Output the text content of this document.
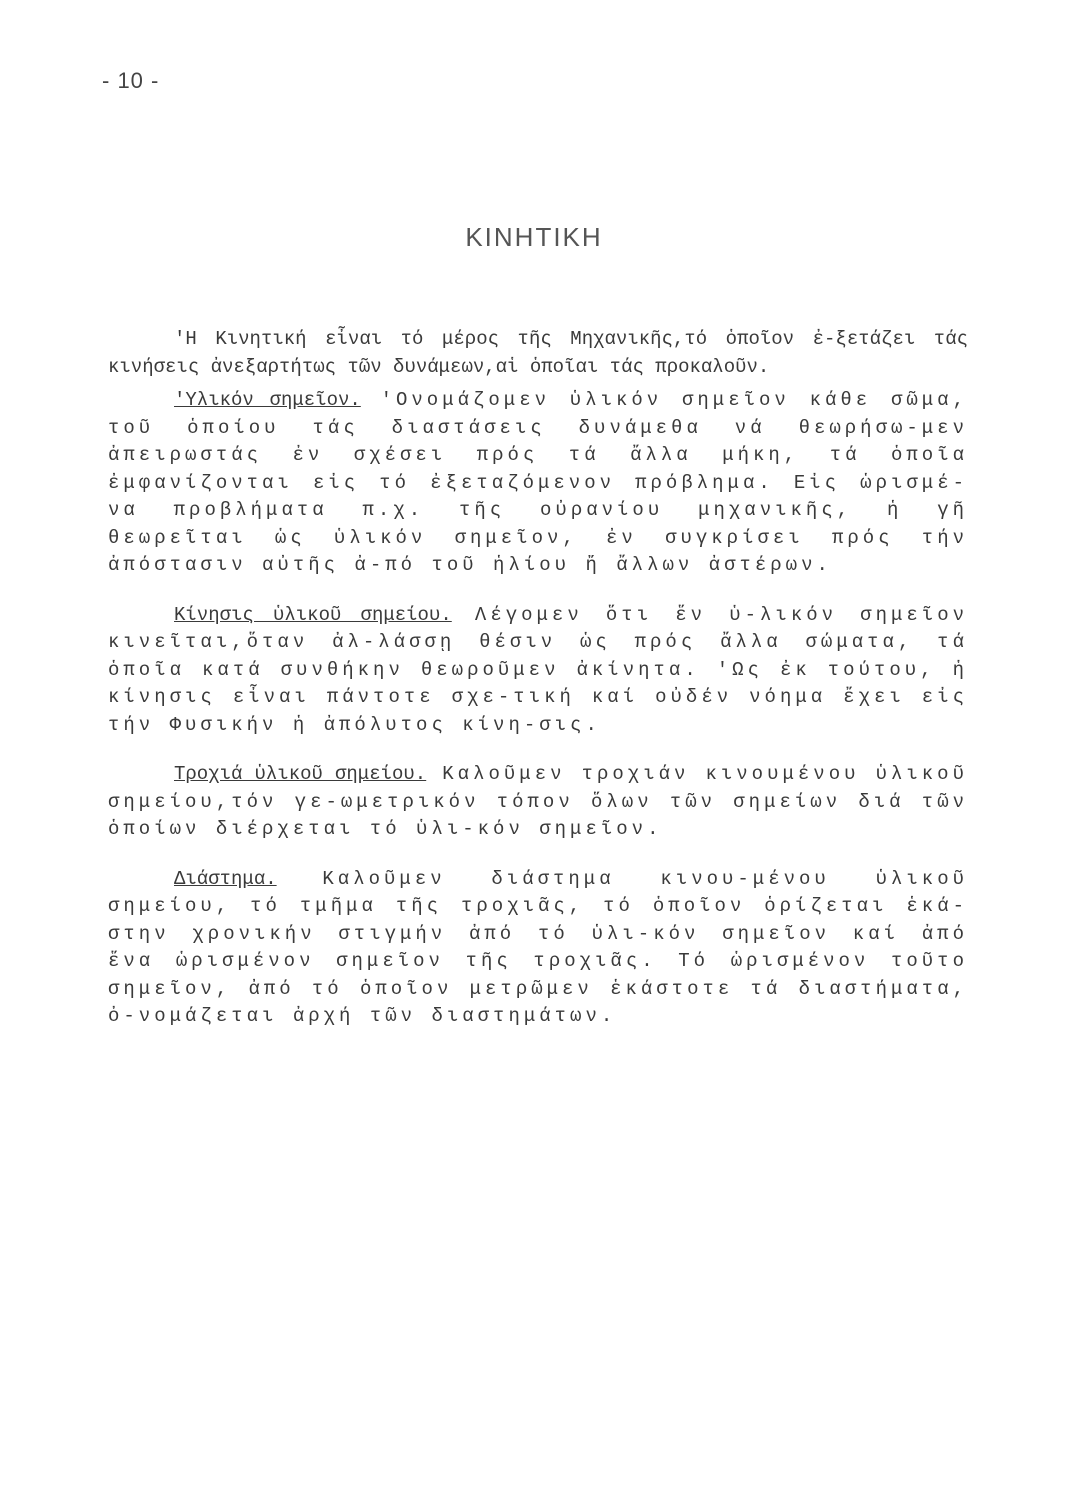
- 10 -
ΚΙΝΗΤΙΚΗ

'Η Κινητική εἶναι τό μέρος τῆς Μηχανικῆς,τό ὁποῖον ἐ-ξετάζει τάς κινήσεις ἀνεξαρτήτως τῶν δυνάμεων,αἱ ὁποῖαι τάς προκαλοῦν.

'Υλικόν σημεῖον. 'Ονομάζομεν ὑλικόν σημεῖον κάθε σῶμα, τοῦ ὁποίου τάς διαστάσεις δυνάμεθα νά θεωρήσω-μεν ἀπειρωστάς ἐν σχέσει πρός τά ἄλλα μήκη, τά ὁποῖα ἐμφανίζονται εἰς τό ἐξεταζόμενον πρόβλημα. Εἰς ὡρισμέ-να προβλήματα π.χ. τῆς οὐρανίου μηχανικῆς, ἡ γῆ θεωρεῖται ὡς ὑλικόν σημεῖον, ἐν συγκρίσει πρός τήν ἀπόστασιν αὐτῆς ἀ-πό τοῦ ἡλίου ἤ ἄλλων ἀστέρων.

Κίνησις ὑλικοῦ σημείου. Λέγομεν ὅτι ἕν ὑ-λικόν σημεῖον κινεῖται,ὅταν ἀλ-λάσσῃ θέσιν ὡς πρός ἄλλα σώματα, τά ὁποῖα κατά συνθήκην θεωροῦμεν ἀκίνητα. 'Ως ἐκ τούτου, ἡ κίνησις εἶναι πάντοτε σχε-τική καί οὐδέν νόημα ἔχει εἰς τήν Φυσικήν ἡ ἀπόλυτος κίνη-σις.

Τροχιά ὑλικοῦ σημείου. Καλοῦμεν τροχιάν κινουμένου ὑλικοῦ σημείου,τόν γε-ωμετρικόν τόπον ὅλων τῶν σημείων διά τῶν ὁποίων διέρχεται τό ὑλι-κόν σημεῖον.

Διάστημα. Καλοῦμεν διάστημα κινου-μένου ὑλικοῦ σημείου, τό τμῆμα τῆς τροχιᾶς, τό ὁποῖον ὁρίζεται ἑκά-στην χρονικήν στιγμήν ἀπό τό ὑλι-κόν σημεῖον καί ἀπό ἕνα ὡρισμένον σημεῖον τῆς τροχιᾶς. Τό ὡρισμένον τοῦτο σημεῖον, ἀπό τό ὁποῖον μετρῶμεν ἑκάστοτε τά διαστήματα, ὀ-νομάζεται ἀρχή τῶν διαστημάτων.
